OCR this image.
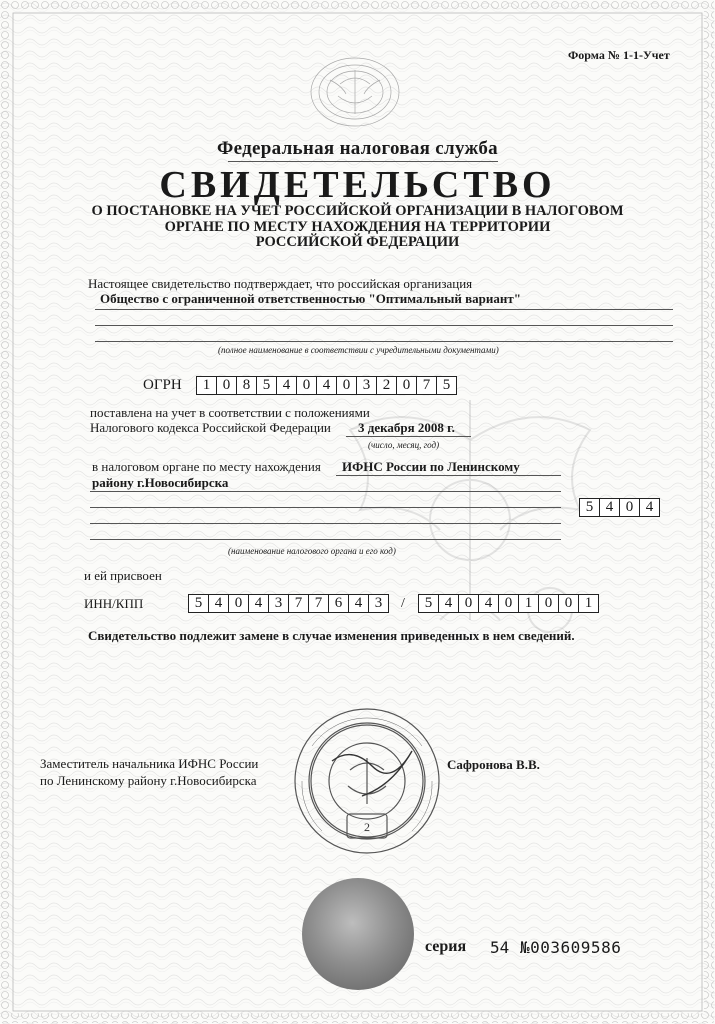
Форма № 1-1-Учет
Федеральная налоговая служба
СВИДЕТЕЛЬСТВО
О ПОСТАНОВКЕ НА УЧЕТ РОССИЙСКОЙ ОРГАНИЗАЦИИ В НАЛОГОВОМ
ОРГАНЕ ПО МЕСТУ НАХОЖДЕНИЯ НА ТЕРРИТОРИИ
РОССИЙСКОЙ ФЕДЕРАЦИИ
Настоящее свидетельство подтверждает, что российская организация
Общество с ограниченной ответственностью "Оптимальный вариант"
(полное наименование в соответствии с учредительными документами)
ОГРН	1 0 8 5 4 0 4 0 3 2 0 7 5
поставлена на учет в соответствии с положениями
Налогового кодекса Российской Федерации 3 декабря 2008 г.
(число, месяц, год)
в налоговом органе по месту нахождения ИФНС России по Ленинскому
району г.Новосибирска
5 4 0 4
(наименование налогового органа и его код)
и ей присвоен
ИНН/КПП	5 4 0 4 3 7 7 6 4 3	/	5 4 0 4 0 1 0 0 1
Свидетельство подлежит замене в случае изменения приведенных в нем сведений.
Заместитель начальника ИФНС России
по Ленинскому району г.Новосибирска
Сафронова В.В.
2
серия 54 №003609586
